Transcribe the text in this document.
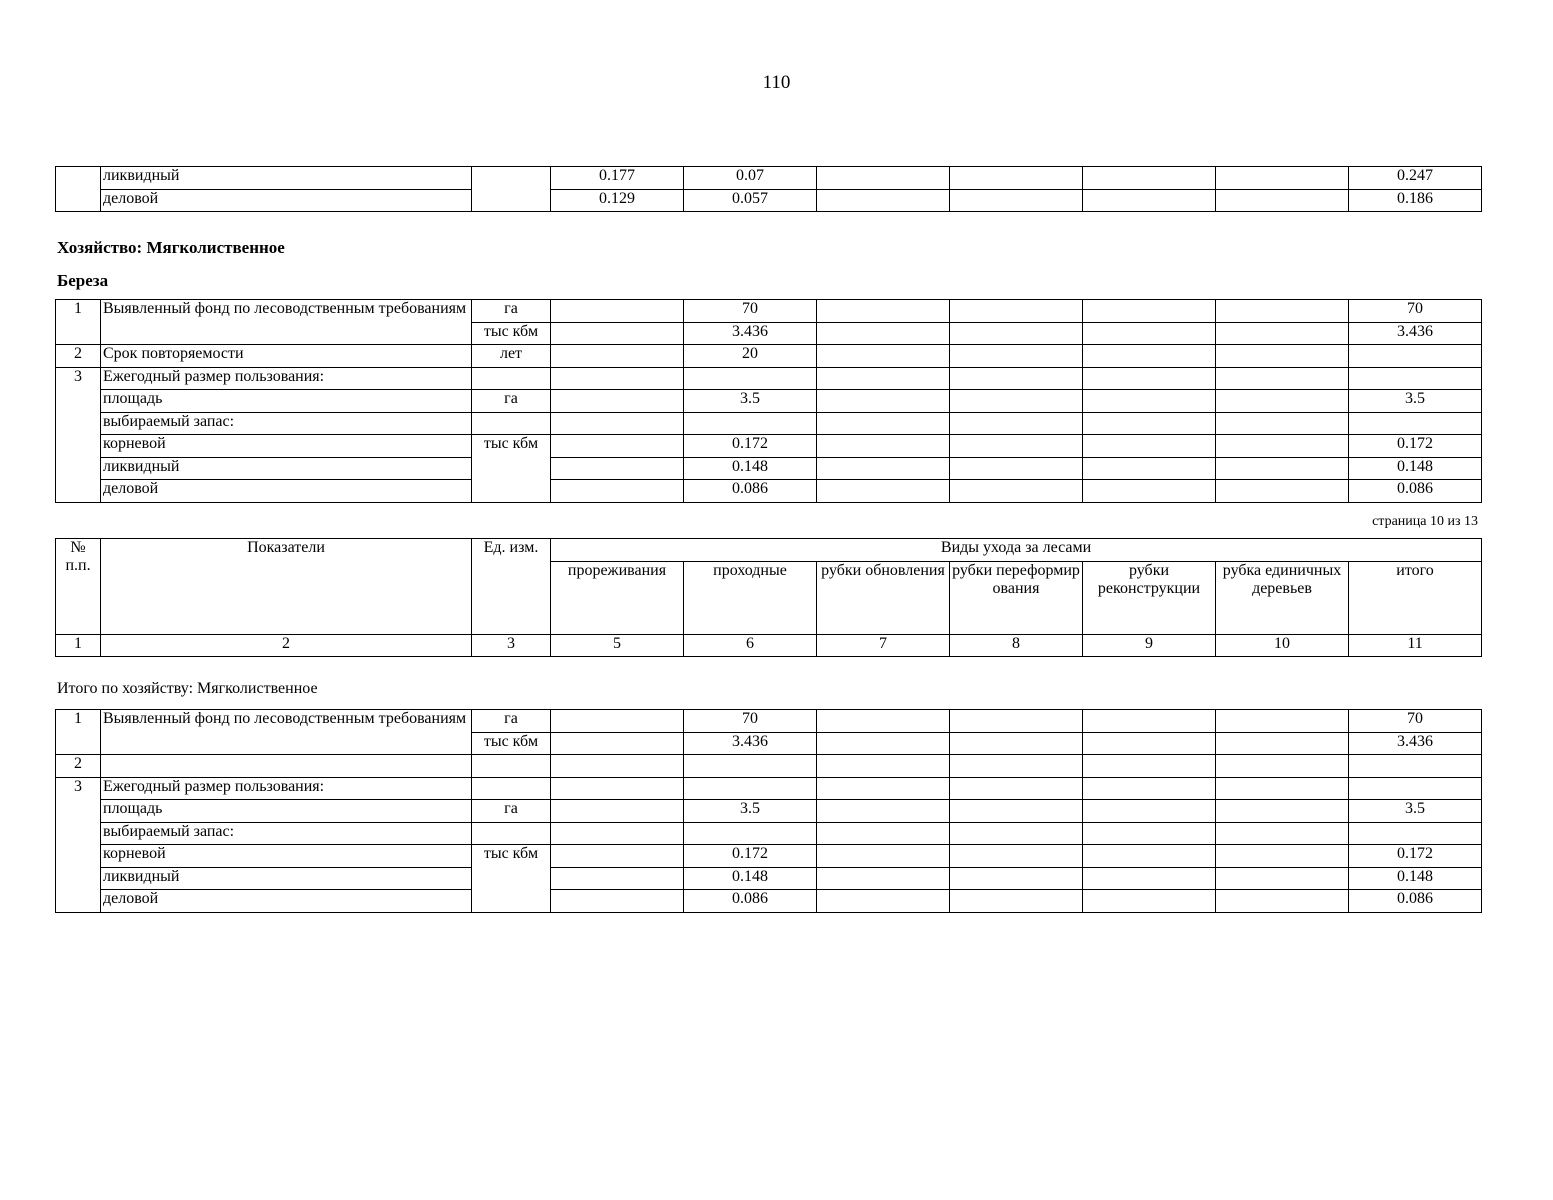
110
	ликвидный		0.177	0.07					0.247
	деловой		0.129	0.057					0.186
Хозяйство: Мягколиственное
Береза
1	Выявленный фонд по лесоводственным требованиям	га		70					70
		тыс кбм		3.436					3.436
2	Срок повторяемости	лет		20					
3	Ежегодный размер пользования:								
	площадь	га		3.5					3.5
	выбираемый запас:								
	корневой	тыс кбм		0.172					0.172
	ликвидный			0.148					0.148
	деловой			0.086					0.086
страница 10 из 13
№ п.п.	Показатели	Ед. изм.	Виды ухода за лесами						
			прореживания	проходные	рубки обновления	рубки переформирования	рубки реконструкции	рубка единичных деревьев	итого
1	2	3	5	6	7	8	9	10	11
Итого по хозяйству: Мягколиственное
1	Выявленный фонд по лесоводственным требованиям	га		70					70
		тыс кбм		3.436					3.436
2									
3	Ежегодный размер пользования:								
	площадь	га		3.5					3.5
	выбираемый запас:								
	корневой	тыс кбм		0.172					0.172
	ликвидный			0.148					0.148
	деловой			0.086					0.086
